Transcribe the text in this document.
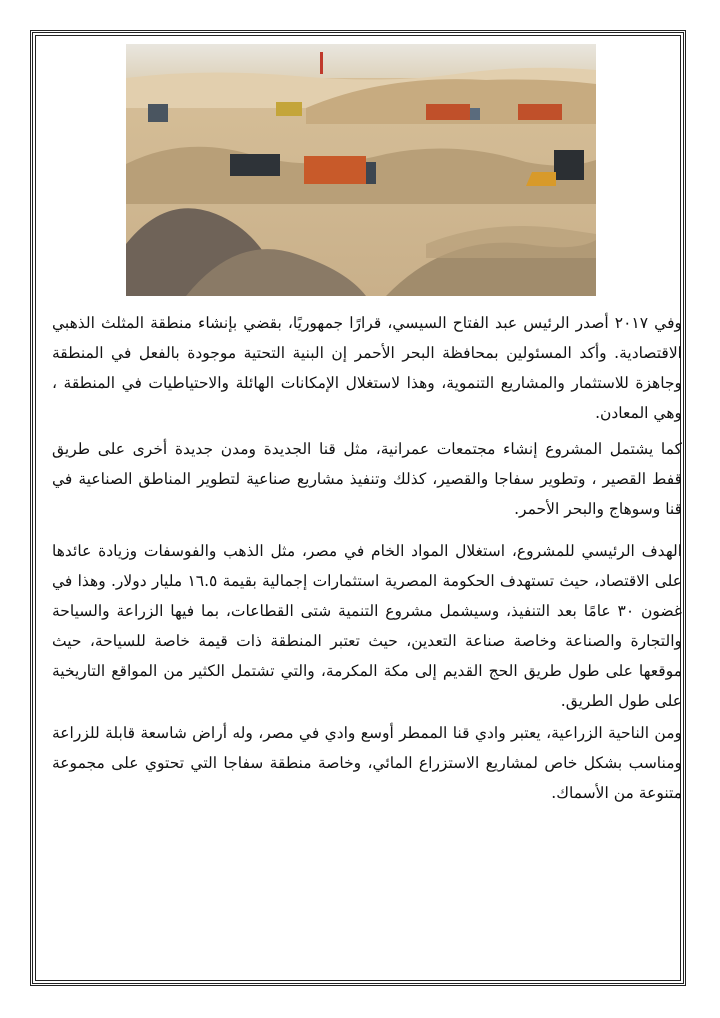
وفي ٢٠١٧ أصدر الرئيس عبد الفتاح السيسي، قرارًا جمهوريًا، بقضي بإنشاء منطقة المثلث الذهبي الاقتصادية. وأكد المسئولين بمحافظة البحر الأحمر إن البنية التحتية موجودة بالفعل في المنطقة وجاهزة للاستثمار والمشاريع التنموية، وهذا لاستغلال الإمكانات الهائلة والاحتياطيات في المنطقة ، وهي المعادن.
كما يشتمل المشروع إنشاء مجتمعات عمرانية، مثل قنا الجديدة ومدن جديدة أخرى على طريق قفط القصير ، وتطوير سفاجا والقصير، كذلك وتنفيذ مشاريع صناعية لتطوير المناطق الصناعية في قنا وسوهاج والبحر الأحمر.
الهدف الرئيسي للمشروع، استغلال المواد الخام في مصر، مثل الذهب والفوسفات وزيادة عائدها على الاقتصاد، حيث تستهدف الحكومة المصرية استثمارات إجمالية بقيمة ١٦.٥ مليار دولار. وهذا في غضون ٣٠ عامًا بعد التنفيذ، وسيشمل مشروع التنمية شتى القطاعات، بما فيها الزراعة والسياحة والتجارة والصناعة وخاصة صناعة التعدين، حيث تعتبر المنطقة ذات قيمة خاصة للسياحة، حيث موقعها على طول طريق الحج القديم إلى مكة المكرمة، والتي تشتمل الكثير من المواقع التاريخية على طول الطريق.
ومن الناحية الزراعية، يعتبر وادي قنا الممطر أوسع وادي في مصر، وله أراض شاسعة قابلة للزراعة ومناسب بشكل خاص لمشاريع الاستزراع المائي، وخاصة منطقة سفاجا التي تحتوي على مجموعة متنوعة من الأسماك.
